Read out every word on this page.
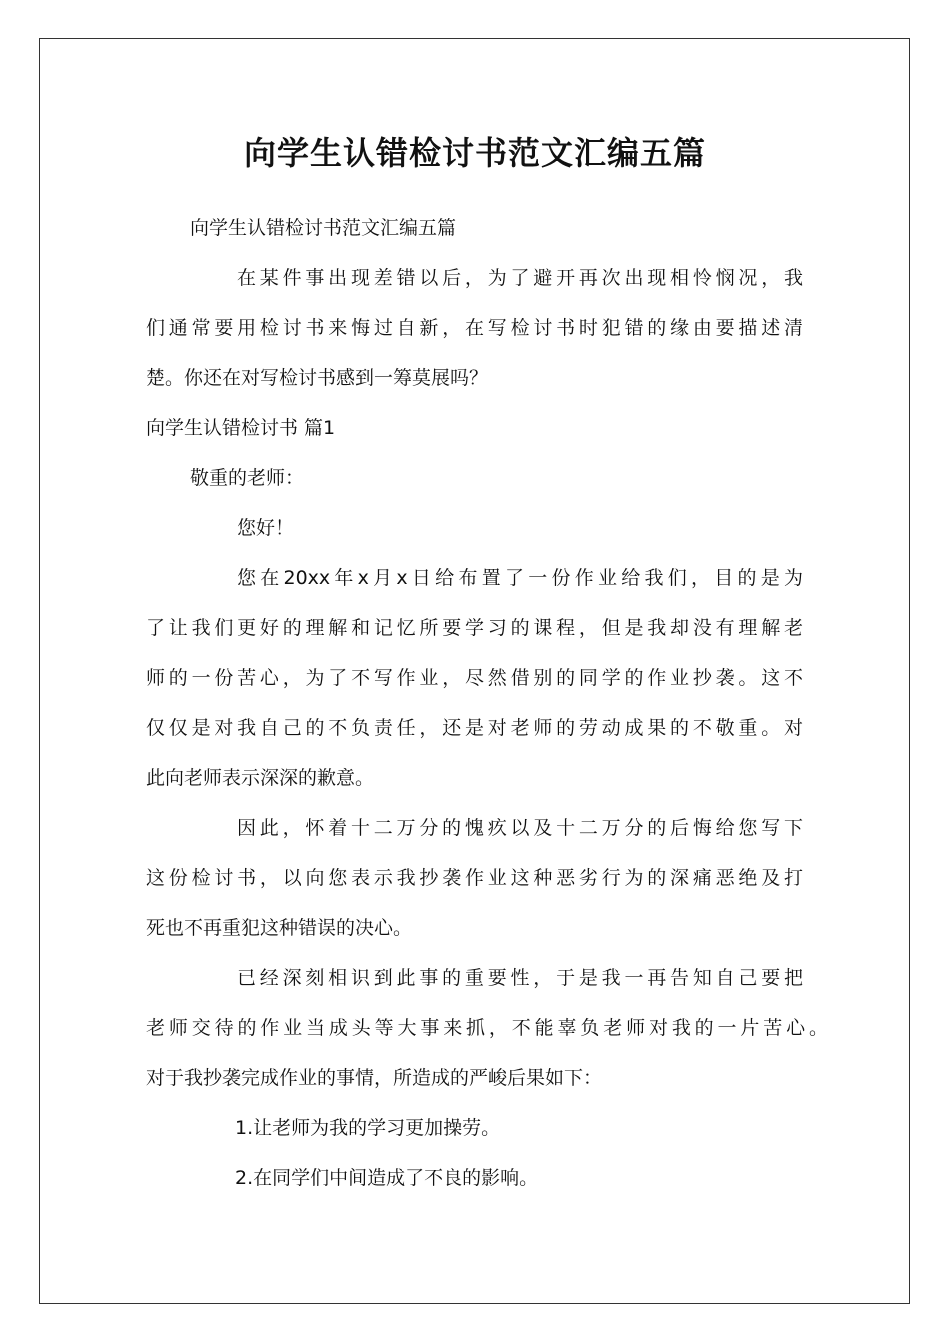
向学生认错检讨书范文汇编五篇
向学生认错检讨书范文汇编五篇
在某件事出现差错以后，为了避开再次出现相怜悯况，我
们通常要用检讨书来悔过自新，在写检讨书时犯错的缘由要描述清
楚。你还在对写检讨书感到一筹莫展吗？
向学生认错检讨书 篇1
敬重的老师：
您好！
您在20xx年x月x日给布置了一份作业给我们，目的是为
了让我们更好的理解和记忆所要学习的课程，但是我却没有理解老
师的一份苦心，为了不写作业，尽然借别的同学的作业抄袭。这不
仅仅是对我自己的不负责任，还是对老师的劳动成果的不敬重。对
此向老师表示深深的歉意。
因此，怀着十二万分的愧疚以及十二万分的后悔给您写下
这份检讨书，以向您表示我抄袭作业这种恶劣行为的深痛恶绝及打
死也不再重犯这种错误的决心。
已经深刻相识到此事的重要性，于是我一再告知自己要把
老师交待的作业当成头等大事来抓，不能辜负老师对我的一片苦心。
对于我抄袭完成作业的事情，所造成的严峻后果如下：
1.让老师为我的学习更加操劳。
2.在同学们中间造成了不良的影响。
